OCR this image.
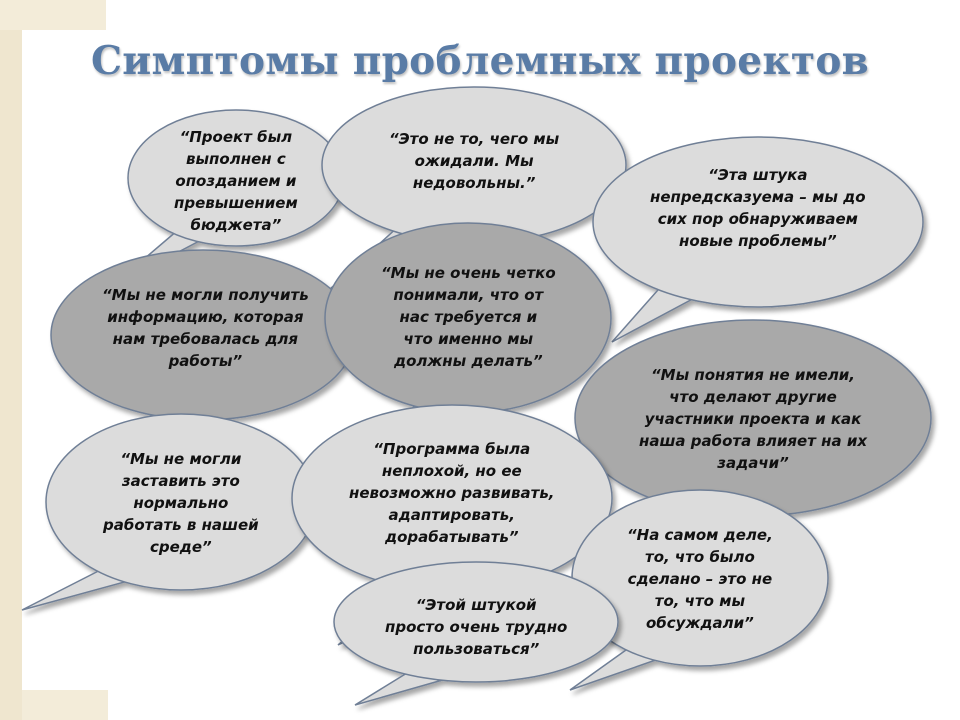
Симптомы проблемных проектов
“Проект был
выполнен с
опозданием и
превышением
бюджета”
“Это не то, чего мы
ожидали. Мы
недовольны.”	“Эта штука
непредсказуема – мы до
сих пор обнаруживаем
новые проблемы”
“Мы не могли получить
информацию, которая
нам требовалась для
работы”
“Мы не очень четко
понимали, что от
нас требуется и
что именно мы
должны делать”
“Мы понятия не имели,
что делают другие
участники проекта и как
наша работа влияет на их
задачи”
“Мы не могли
заставить это
нормально
работать в нашей
среде”
“Программа была
неплохой, но ее
невозможно развивать,
адаптировать,
дорабатывать”	“На самом деле,
то, что было
сделано – это не
то, что мы
обсуждали”
“Этой штукой
просто очень трудно
пользоваться”
